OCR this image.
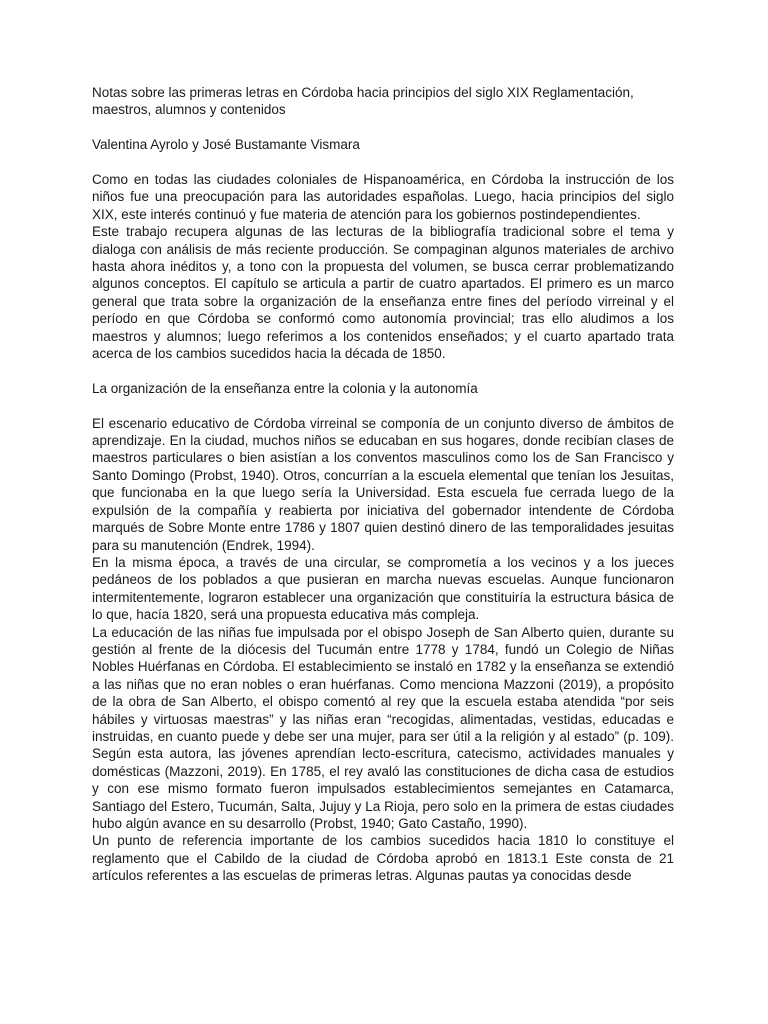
Notas sobre las primeras letras en Córdoba hacia principios del siglo XIX Reglamentación, maestros, alumnos y contenidos

Valentina Ayrolo y José Bustamante Vismara

Como en todas las ciudades coloniales de Hispanoamérica, en Córdoba la instrucción de los niños fue una preocupación para las autoridades españolas. Luego, hacia principios del siglo XIX, este interés continuó y fue materia de atención para los gobiernos postindependientes.

Este trabajo recupera algunas de las lecturas de la bibliografía tradicional sobre el tema y dialoga con análisis de más reciente producción. Se compaginan algunos materiales de archivo hasta ahora inéditos y, a tono con la propuesta del volumen, se busca cerrar problematizando algunos conceptos. El capítulo se articula a partir de cuatro apartados. El primero es un marco general que trata sobre la organización de la enseñanza entre fines del período virreinal y el período en que Córdoba se conformó como autonomía provincial; tras ello aludimos a los maestros y alumnos; luego referimos a los contenidos enseñados; y el cuarto apartado trata acerca de los cambios sucedidos hacia la década de 1850.

La organización de la enseñanza entre la colonia y la autonomía

El escenario educativo de Córdoba virreinal se componía de un conjunto diverso de ámbitos de aprendizaje. En la ciudad, muchos niños se educaban en sus hogares, donde recibían clases de maestros particulares o bien asistían a los conventos masculinos como los de San Francisco y Santo Domingo (Probst, 1940). Otros, concurrían a la escuela elemental que tenían los Jesuitas, que funcionaba en la que luego sería la Universidad. Esta escuela fue cerrada luego de la expulsión de la compañía y reabierta por iniciativa del gobernador intendente de Córdoba marqués de Sobre Monte entre 1786 y 1807 quien destinó dinero de las temporalidades jesuitas para su manutención (Endrek, 1994).

En la misma época, a través de una circular, se comprometía a los vecinos y a los jueces pedáneos de los poblados a que pusieran en marcha nuevas escuelas. Aunque funcionaron intermitentemente, lograron establecer una organización que constituiría la estructura básica de lo que, hacía 1820, será una propuesta educativa más compleja.

La educación de las niñas fue impulsada por el obispo Joseph de San Alberto quien, durante su gestión al frente de la diócesis del Tucumán entre 1778 y 1784, fundó un Colegio de Niñas Nobles Huérfanas en Córdoba. El establecimiento se instaló en 1782 y la enseñanza se extendió a las niñas que no eran nobles o eran huérfanas. Como menciona Mazzoni (2019), a propósito de la obra de San Alberto, el obispo comentó al rey que la escuela estaba atendida “por seis hábiles y virtuosas maestras” y las niñas eran “recogidas, alimentadas, vestidas, educadas e instruidas, en cuanto puede y debe ser una mujer, para ser útil a la religión y al estado” (p. 109). Según esta autora, las jóvenes aprendían lecto-escritura, catecismo, actividades manuales y domésticas (Mazzoni, 2019). En 1785, el rey avaló las constituciones de dicha casa de estudios y con ese mismo formato fueron impulsados establecimientos semejantes en Catamarca, Santiago del Estero, Tucumán, Salta, Jujuy y La Rioja, pero solo en la primera de estas ciudades hubo algún avance en su desarrollo (Probst, 1940; Gato Castaño, 1990).

Un punto de referencia importante de los cambios sucedidos hacia 1810 lo constituye el reglamento que el Cabildo de la ciudad de Córdoba aprobó en 1813.1 Este consta de 21 artículos referentes a las escuelas de primeras letras. Algunas pautas ya conocidas desde
